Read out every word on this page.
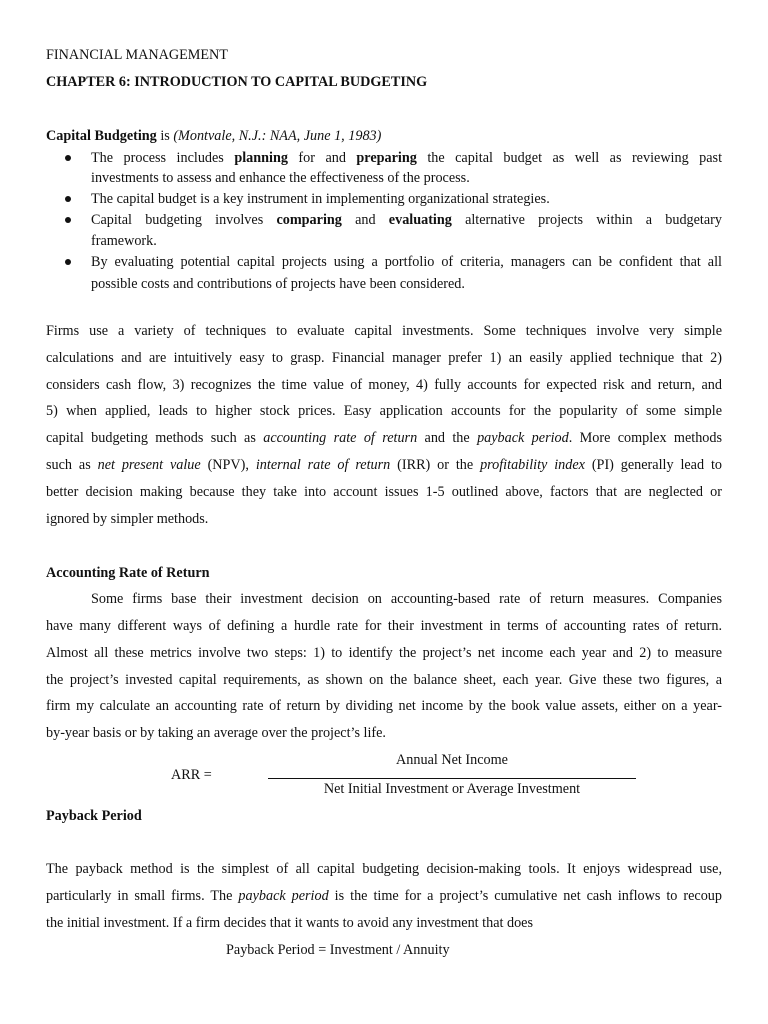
FINANCIAL MANAGEMENT

CHAPTER 6: INTRODUCTION TO CAPITAL BUDGETING

Capital Budgeting is (Montvale, N.J.: NAA, June 1, 1983)

The process includes planning for and preparing the capital budget as well as reviewing past

investments to assess and enhance the effectiveness of the process.

The capital budget is a key instrument in implementing organizational strategies.

Capital budgeting involves comparing and evaluating alternative projects within a budgetary

framework.

By evaluating potential capital projects using a portfolio of criteria, managers can be confident that all

possible costs and contributions of projects have been considered.

Firms use a variety of techniques to evaluate capital investments. Some techniques involve very simple

calculations and are intuitively easy to grasp. Financial manager prefer 1) an easily applied technique that 2)

considers cash flow, 3) recognizes the time value of money, 4) fully accounts for expected risk and return, and

5) when applied, leads to higher stock prices. Easy application accounts for the popularity of some simple

capital budgeting methods such as accounting rate of return and the payback period. More complex methods

such as net present value (NPV), internal rate of return (IRR) or the profitability index (PI) generally lead to

better decision making because they take into account issues 1-5 outlined above, factors that are neglected or

ignored by simpler methods.

Accounting Rate of Return

Some firms base their investment decision on accounting-based rate of return measures. Companies

have many different ways of defining a hurdle rate for their investment in terms of accounting rates of return.

Almost all these metrics involve two steps: 1) to identify the project’s net income each year and 2) to measure

the project’s invested capital requirements, as shown on the balance sheet, each year. Give these two figures, a

firm my calculate an accounting rate of return by dividing net income by the book value assets, either on a year-

by-year basis or by taking an average over the project’s life.

ARR =

Annual Net Income

Net Initial Investment or Average Investment

Payback Period

The payback method is the simplest of all capital budgeting decision-making tools. It enjoys widespread use,

particularly in small firms. The payback period is the time for a project’s cumulative net cash inflows to recoup

the initial investment. If a firm decides that it wants to avoid any investment that does

Payback Period = Investment / Annuity
